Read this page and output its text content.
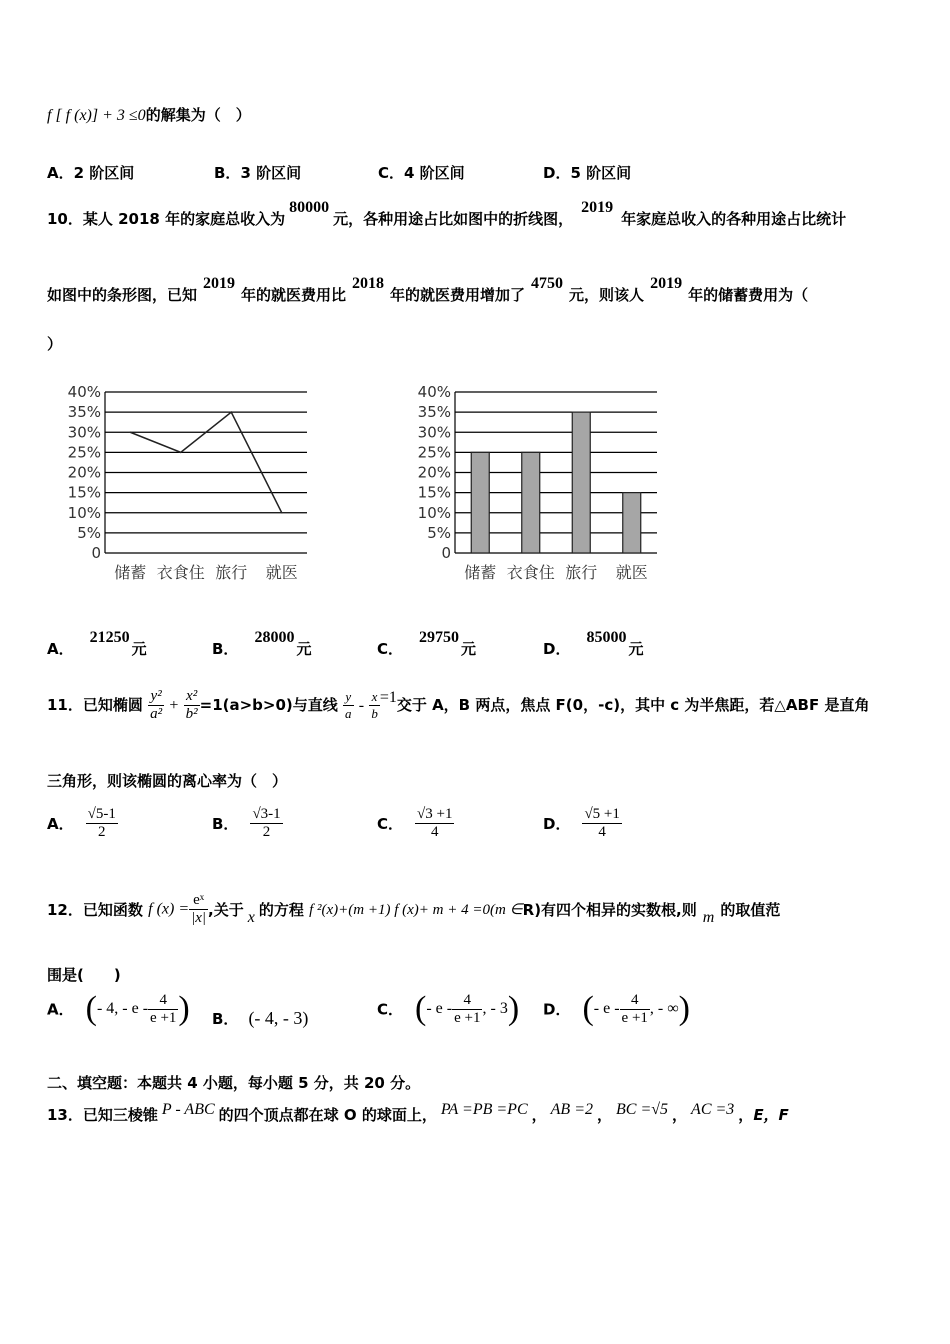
f [ f (x)] + 3 ≤0的解集为（　）
A．2 阶区间	B．3 阶区间	C．4 阶区间	D．5 阶区间
10．某人 2018 年的家庭总收入为80000元，各种用途占比如图中的折线图，2019年家庭总收入的各种用途占比统计
如图中的条形图，已知2019年的就医费用比2018年的就医费用增加了4750元，则该人2019年的储蓄费用为（
）
0
5%
10%
15%
20%
25%
30%
35%
40%
储蓄 衣食住 旅行 就医
0
5%
10%
15%
20%
25%
30%
35%
40%
储蓄 衣食住 旅行 就医
A．21250元	B．28000元	C．29750元	D．85000元
11．已知椭圆 $\frac{\text{y²}}{\text{a²}} + \frac{\text{x²}}{\text{b²}} =1(a>b>0)$与直线 $\frac{y}{a} - \frac{x}{b} =1$交于 A，B 两点，焦点 F(0，-c)，其中 c 为半焦距，若△ABF 是直角
三角形，则该椭圆的离心率为（　）
A． $\frac{√5-1}{2}$	B． $\frac{√3-1}{2}$	C． $\frac{√3 +1}{4}$	D． $\frac{√5 +1}{4}$
12．已知函数 f $(x) = \frac{\text{eˣ}}{|x|}$ ,关于 x 的方程 f ²(x)+(m +1) f (x)+ m + 4 =0(m ∈R)有四个相异的实数根,则 m 的取值范
围是(　　)
A． (- 4, - e - $\frac{4}{e +1}$ ) B． (- 4, - 3)	C． (- e - $\frac{4}{e +1}$ , - 3) D． (- e - $\frac{4}{e +1}$ , - ∞)
二、填空题：本题共 4 小题，每小题 5 分，共 20 分。
13．已知三棱锥 P - ABC 的四个顶点都在球 O 的球面上， PA =PB =PC ， AB =2 ， BC =√5 ， AC =3 ，E，F
